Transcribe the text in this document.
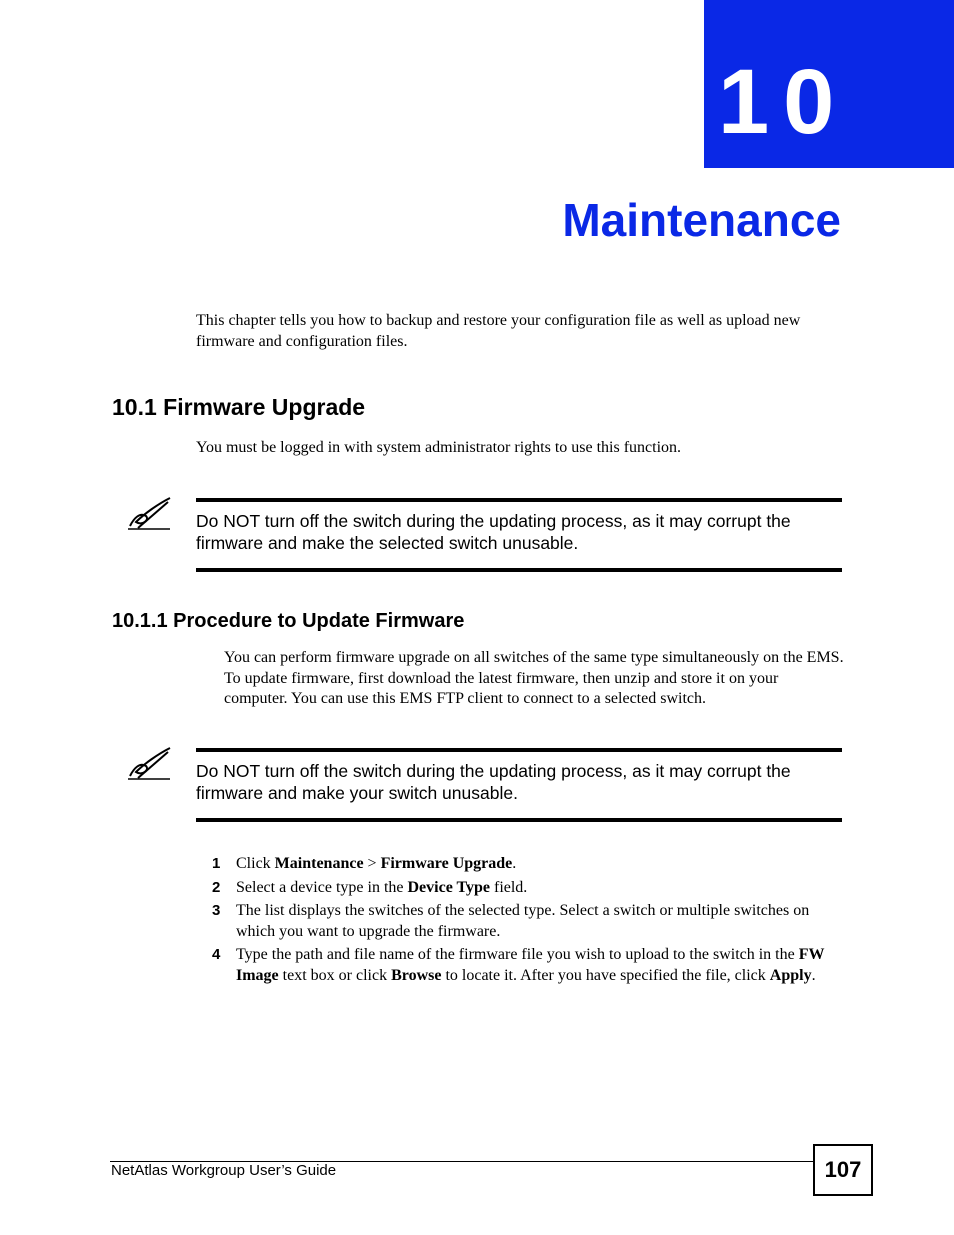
10
Maintenance
This chapter tells you how to backup and restore your configuration file as well as upload new firmware and configuration files.
10.1 Firmware Upgrade
You must be logged in with system administrator rights to use this function.
Do NOT turn off the switch during the updating process, as it may corrupt the firmware and make the selected switch unusable.
10.1.1 Procedure to Update Firmware
You can perform firmware upgrade on all switches of the same type simultaneously on the EMS. To update firmware, first download the latest firmware, then unzip and store it on your computer. You can use this EMS FTP client to connect to a selected switch.
Do NOT turn off the switch during the updating process, as it may corrupt the firmware and make your switch unusable.
1 Click Maintenance > Firmware Upgrade.
2 Select a device type in the Device Type field.
3 The list displays the switches of the selected type. Select a switch or multiple switches on which you want to upgrade the firmware.
4 Type the path and file name of the firmware file you wish to upload to the switch in the FW Image text box or click Browse to locate it. After you have specified the file, click Apply.
NetAtlas Workgroup User’s Guide	107
